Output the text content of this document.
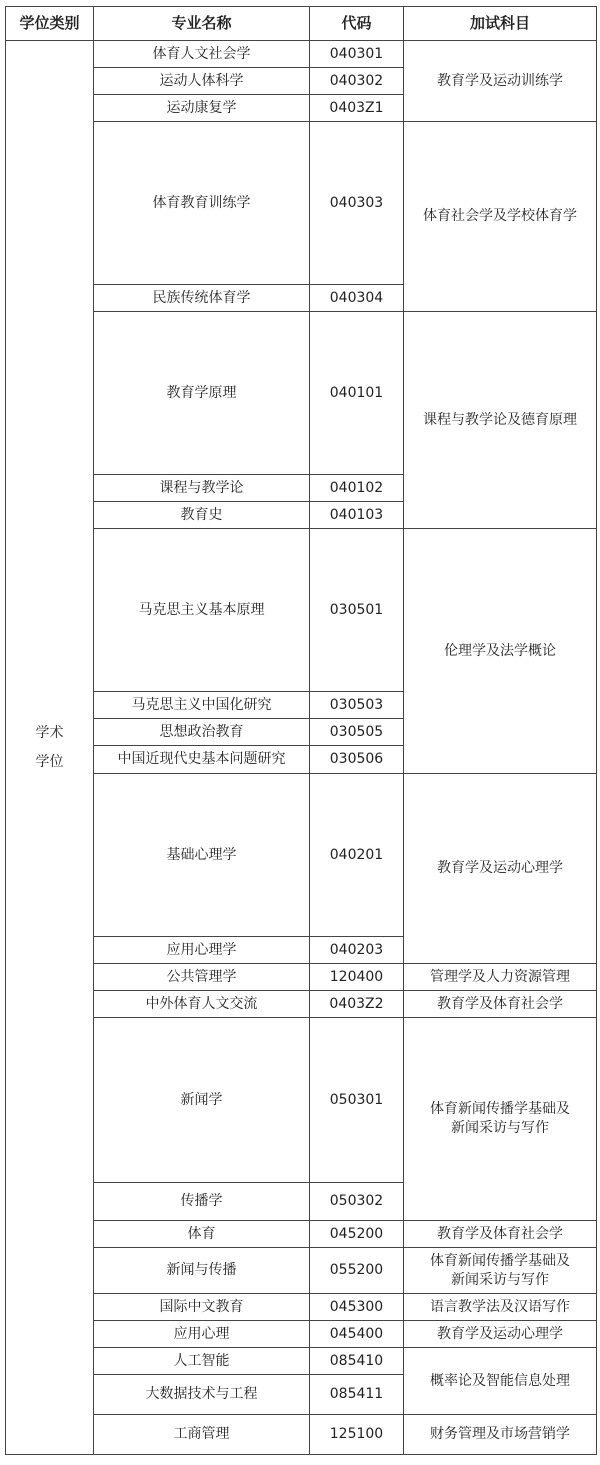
学位类别	专业名称	代码	加试科目
学术
学位	体育人文社会学	040301	教育学及运动训练学
	运动人体科学	040302	
	运动康复学	0403Z1	
	体育教育训练学	040303	体育社会学及学校体育学
	民族传统体育学	040304	
	教育学原理	040101	课程与教学论及德育原理
	课程与教学论	040102	
	教育史	040103	
	马克思主义基本原理	030501	伦理学及法学概论
	马克思主义中国化研究	030503	
	思想政治教育	030505	
	中国近现代史基本问题研究	030506	
	基础心理学	040201	教育学及运动心理学
	应用心理学	040203	
	公共管理学	120400	管理学及人力资源管理
	中外体育人文交流	0403Z2	教育学及体育社会学
	新闻学	050301	体育新闻传播学基础及
新闻采访与写作
	传播学	050302	
	体育	045200	教育学及体育社会学
	新闻与传播	055200	体育新闻传播学基础及
新闻采访与写作
	国际中文教育	045300	语言教学法及汉语写作
	应用心理	045400	教育学及运动心理学
	人工智能	085410	概率论及智能信息处理
	大数据技术与工程	085411	
	工商管理	125100	财务管理及市场营销学
